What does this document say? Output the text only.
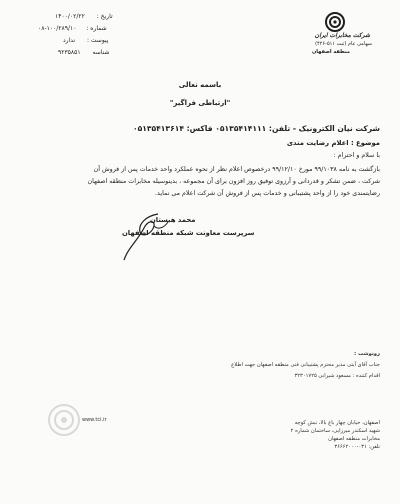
شرکت مخابرات ایران
سهامی عام (ثبت ۵۱۱-۴۲۶)
منطقه اصفهان
تاریخ : ۱۴۰۰/۰۲/۲۲
شماره : ۱۰۰/۲۸۹/۱۰-۰۸
پیوست : ندارد
شناسه ۹۲۳۵۸۵۱
باسمه تعالی
"ارتباطی فراگیر"
شرکت نیان الکترونیک - تلفن: ۰۵۱۳۵۴۱۴۱۱۱ فاکس: ۰۵۱۳۵۴۱۳۶۱۴
موضوع : اعلام رضایت مندی
با سلام و احترام :
بازگشت به نامه ۹۹/۱۰۳۸ مورخ ۹۹/۱۲/۱۰ درخصوص اعلام نظر از نحوه عملکرد واحد خدمات پس از فروش آن
شرکت ، ضمن تشکر و قدردانی و آرزوی توفیق روز افزون برای آن مجموعه ، بدینوسیله مخابرات منطقه اصفهان
رضایتمندی خود را از واحد پشتیبانی و خدمات پس از فروش آن شرکت اعلام می نماید.
محمد هبستان
سرپرست معاونت شبکه منطقه اصفهان
رونوشت :
جناب آقای آیتی مدیر محترم پشتیبانی فنی منطقه اصفهان جهت اطلاع
اقدام کننده : مسعود شیرانی ۳۲۳۰۱۷۲۵
www.tci.ir	اصفهان، خیابان چهار باغ بالا، نبش کوچه
شهید اسکندر میرزایی، ساختمان شماره ۲
مخابرات منطقه اصفهان
تلفن: ۰۳۱-۳۶۶۶۲۰۰۰
